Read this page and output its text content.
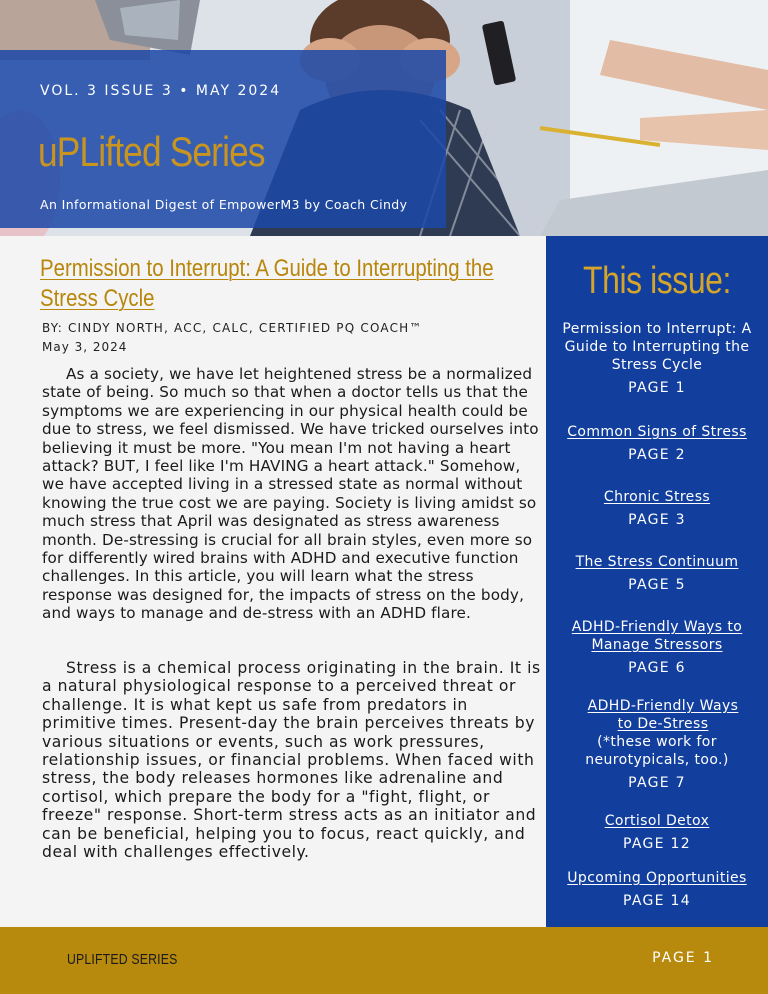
VOL. 3 ISSUE 3 • MAY 2024
uPLifted Series
An Informational Digest of EmpowerM3 by Coach Cindy
Permission to Interrupt: A Guide to Interrupting the Stress Cycle
BY: CINDY NORTH, ACC, CALC, CERTIFIED PQ COACH™
May 3, 2024

As a society, we have let heightened stress be a normalized state of being. So much so that when a doctor tells us that the symptoms we are experiencing in our physical health could be due to stress, we feel dismissed. We have tricked ourselves into believing it must be more. "You mean I'm not having a heart attack? BUT, I feel like I'm HAVING a heart attack." Somehow, we have accepted living in a stressed state as normal without knowing the true cost we are paying. Society is living amidst so much stress that April was designated as stress awareness month. De-stressing is crucial for all brain styles, even more so for differently wired brains with ADHD and executive function challenges. In this article, you will learn what the stress response was designed for, the impacts of stress on the body, and ways to manage and de-stress with an ADHD flare.

Stress is a chemical process originating in the brain. It is a natural physiological response to a perceived threat or challenge. It is what kept us safe from predators in primitive times. Present-day the brain perceives threats by various situations or events, such as work pressures, relationship issues, or financial problems. When faced with stress, the body releases hormones like adrenaline and cortisol, which prepare the body for a "fight, flight, or freeze" response. Short-term stress acts as an initiator and can be beneficial, helping you to focus, react quickly, and deal with challenges effectively.

This issue:
Permission to Interrupt: A Guide to Interrupting the Stress Cycle
PAGE 1
Common Signs of Stress
PAGE 2
Chronic Stress
PAGE 3
The Stress Continuum
PAGE 5
ADHD-Friendly Ways to Manage Stressors
PAGE 6
ADHD-Friendly Ways to De-Stress
(*these work for neurotypicals, too.)
PAGE 7
Cortisol Detox
PAGE 12
Upcoming Opportunities
PAGE 14
UPLIFTED SERIES	PAGE 1
